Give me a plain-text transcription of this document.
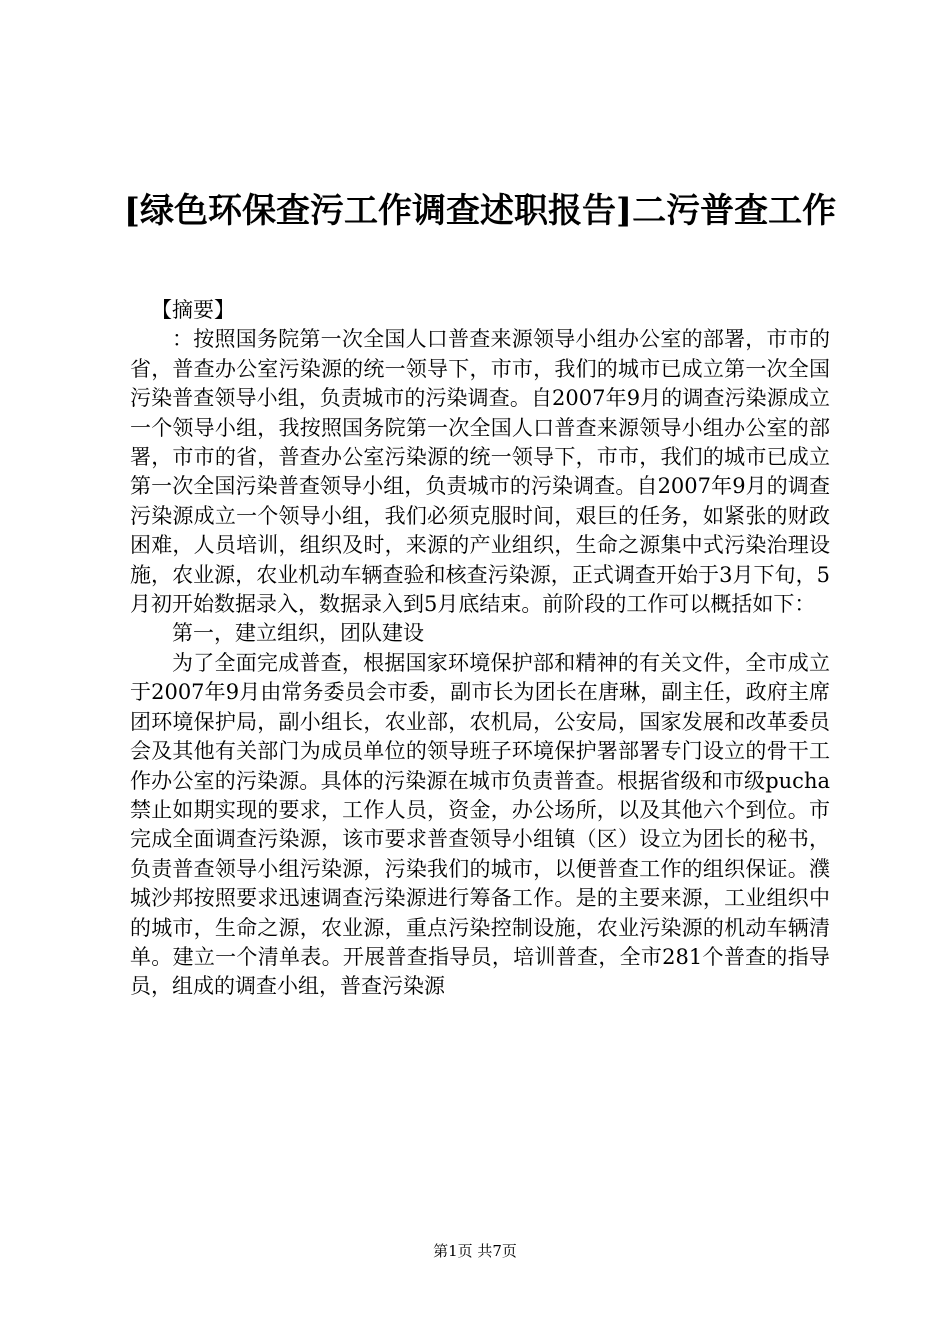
[绿色环保查污工作调查述职报告]二污普查工作

【摘要】

：按照国务院第一次全国人口普查来源领导小组办公室的部署，市市的省，普查办公室污染源的统一领导下，市市，我们的城市已成立第一次全国污染普查领导小组，负责城市的污染调查。自2007年9月的调查污染源成立一个领导小组，我按照国务院第一次全国人口普查来源领导小组办公室的部署，市市的省，普查办公室污染源的统一领导下，市市，我们的城市已成立第一次全国污染普查领导小组，负责城市的污染调查。自2007年9月的调查污染源成立一个领导小组，我们必须克服时间，艰巨的任务，如紧张的财政困难，人员培训，组织及时，来源的产业组织，生命之源集中式污染治理设施，农业源，农业机动车辆查验和核查污染源，正式调查开始于3月下旬，5月初开始数据录入，数据录入到5月底结束。前阶段的工作可以概括如下：

第一，建立组织，团队建设

为了全面完成普查，根据国家环境保护部和精神的有关文件，全市成立于2007年9月由常务委员会市委，副市长为团长在唐琳，副主任，政府主席团环境保护局，副小组长，农业部，农机局，公安局，国家发展和改革委员会及其他有关部门为成员单位的领导班子环境保护署部署专门设立的骨干工作办公室的污染源。具体的污染源在城市负责普查。根据省级和市级pucha禁止如期实现的要求，工作人员，资金，办公场所，以及其他六个到位。市完成全面调查污染源，该市要求普查领导小组镇（区）设立为团长的秘书，负责普查领导小组污染源，污染我们的城市，以便普查工作的组织保证。濮城沙邦按照要求迅速调查污染源进行筹备工作。是的主要来源，工业组织中的城市，生命之源，农业源，重点污染控制设施，农业污染源的机动车辆清单。建立一个清单表。开展普查指导员，培训普查，全市281个普查的指导员，组成的调查小组，普查污染源

第1页 共7页
